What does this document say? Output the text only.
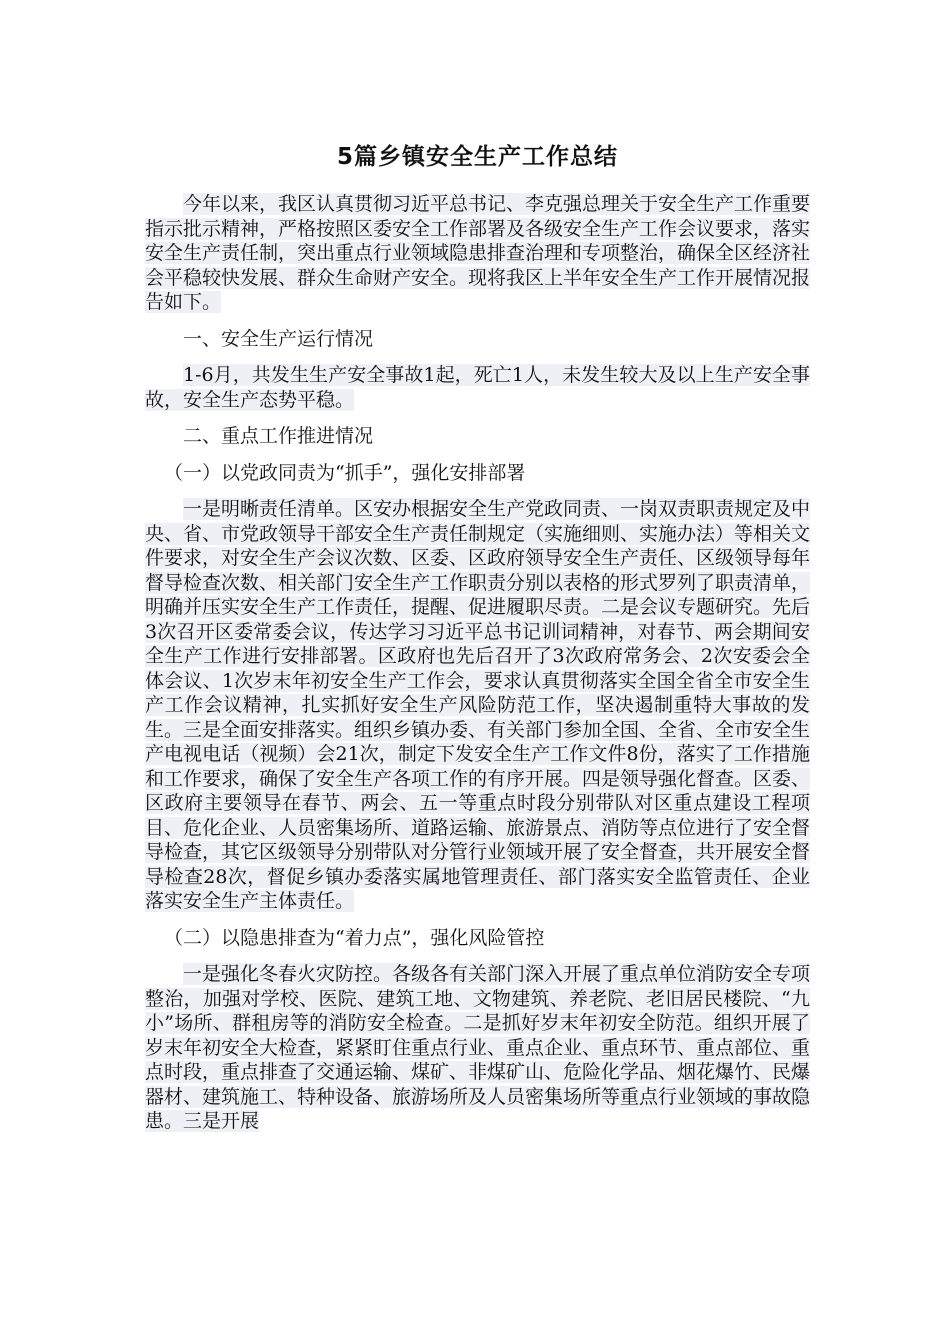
5篇乡镇安全生产工作总结

今年以来，我区认真贯彻习近平总书记、李克强总理关于安全生产工作重要指示批示精神，严格按照区委安全工作部署及各级安全生产工作会议要求，落实安全生产责任制，突出重点行业领域隐患排查治理和专项整治，确保全区经济社会平稳较快发展、群众生命财产安全。现将我区上半年安全生产工作开展情况报告如下。

一、安全生产运行情况

1-6月，共发生生产安全事故1起，死亡1人，未发生较大及以上生产安全事故，安全生产态势平稳。

二、重点工作推进情况

（一）以党政同责为“抓手”，强化安排部署

一是明晰责任清单。区安办根据安全生产党政同责、一岗双责职责规定及中央、省、市党政领导干部安全生产责任制规定（实施细则、实施办法）等相关文件要求，对安全生产会议次数、区委、区政府领导安全生产责任、区级领导每年督导检查次数、相关部门安全生产工作职责分别以表格的形式罗列了职责清单，明确并压实安全生产工作责任，提醒、促进履职尽责。二是会议专题研究。先后3次召开区委常委会议，传达学习习近平总书记训词精神，对春节、两会期间安全生产工作进行安排部署。区政府也先后召开了3次政府常务会、2次安委会全体会议、1次岁末年初安全生产工作会，要求认真贯彻落实全国全省全市安全生产工作会议精神，扎实抓好安全生产风险防范工作，坚决遏制重特大事故的发生。三是全面安排落实。组织乡镇办委、有关部门参加全国、全省、全市安全生产电视电话（视频）会21次，制定下发安全生产工作文件8份，落实了工作措施和工作要求，确保了安全生产各项工作的有序开展。四是领导强化督查。区委、区政府主要领导在春节、两会、五一等重点时段分别带队对区重点建设工程项目、危化企业、人员密集场所、道路运输、旅游景点、消防等点位进行了安全督导检查，其它区级领导分别带队对分管行业领域开展了安全督查，共开展安全督导检查28次，督促乡镇办委落实属地管理责任、部门落实安全监管责任、企业落实安全生产主体责任。

（二）以隐患排查为“着力点”，强化风险管控

一是强化冬春火灾防控。各级各有关部门深入开展了重点单位消防安全专项整治，加强对学校、医院、建筑工地、文物建筑、养老院、老旧居民楼院、“九小”场所、群租房等的消防安全检查。二是抓好岁末年初安全防范。组织开展了岁末年初安全大检查，紧紧盯住重点行业、重点企业、重点环节、重点部位、重点时段，重点排查了交通运输、煤矿、非煤矿山、危险化学品、烟花爆竹、民爆器材、建筑施工、特种设备、旅游场所及人员密集场所等重点行业领域的事故隐患。三是开展
